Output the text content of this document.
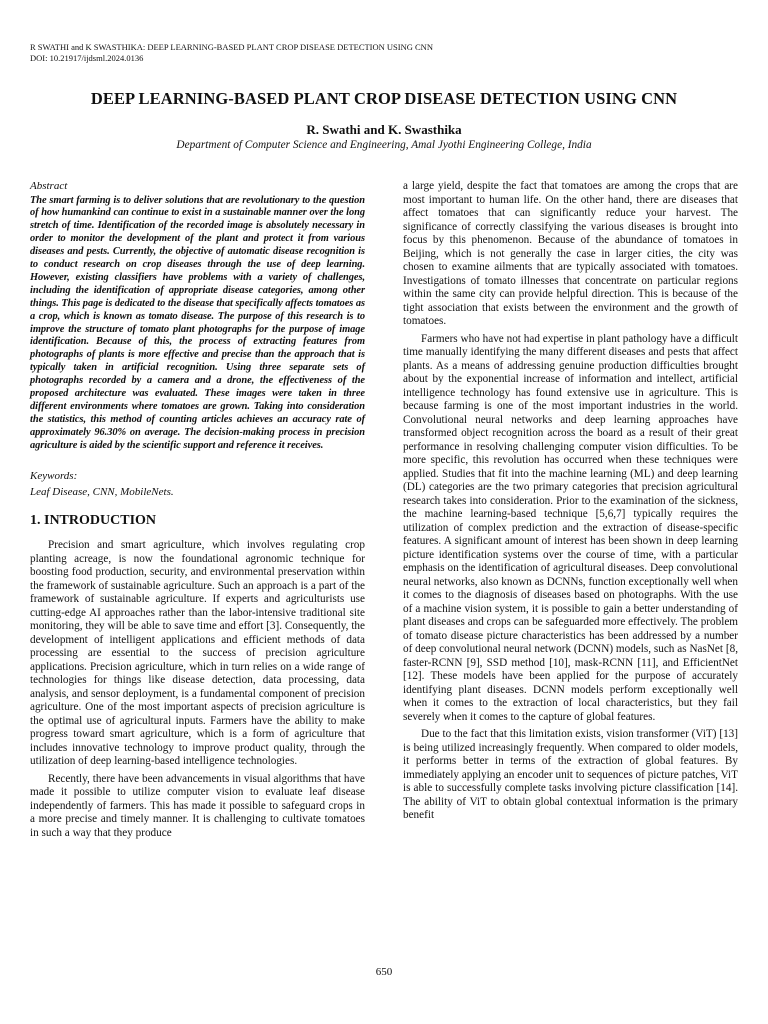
R SWATHI and K SWASTHIKA: DEEP LEARNING-BASED PLANT CROP DISEASE DETECTION USING CNN
DOI: 10.21917/ijdsml.2024.0136
DEEP LEARNING-BASED PLANT CROP DISEASE DETECTION USING CNN
R. Swathi and K. Swasthika
Department of Computer Science and Engineering, Amal Jyothi Engineering College, India

Abstract

The smart farming is to deliver solutions that are revolutionary to the question of how humankind can continue to exist in a sustainable manner over the long stretch of time. Identification of the recorded image is absolutely necessary in order to monitor the development of the plant and protect it from various diseases and pests. Currently, the objective of automatic disease recognition is to conduct research on crop diseases through the use of deep learning. However, existing classifiers have problems with a variety of challenges, including the identification of appropriate disease categories, among other things. This page is dedicated to the disease that specifically affects tomatoes as a crop, which is known as tomato disease. The purpose of this research is to improve the structure of tomato plant photographs for the purpose of image identification. Because of this, the process of extracting features from photographs of plants is more effective and precise than the approach that is typically taken in artificial recognition. Using three separate sets of photographs recorded by a camera and a drone, the effectiveness of the proposed architecture was evaluated. These images were taken in three different environments where tomatoes are grown. Taking into consideration the statistics, this method of counting articles achieves an accuracy rate of approximately 96.30% on average. The decision-making process in precision agriculture is aided by the scientific support and reference it receives.

Keywords:

Leaf Disease, CNN, MobileNets.

1. INTRODUCTION

Precision and smart agriculture, which involves regulating crop planting acreage, is now the foundational agronomic technique for boosting food production, security, and environmental preservation within the framework of sustainable agriculture. Such an approach is a part of the framework of sustainable agriculture. If experts and agriculturists use cutting-edge AI approaches rather than the labor-intensive traditional site monitoring, they will be able to save time and effort [3]. Consequently, the development of intelligent applications and efficient methods of data processing are essential to the success of precision agriculture applications. Precision agriculture, which in turn relies on a wide range of technologies for things like disease detection, data processing, data analysis, and sensor deployment, is a fundamental component of precision agriculture. One of the most important aspects of precision agriculture is the optimal use of agricultural inputs. Farmers have the ability to make progress toward smart agriculture, which is a form of agriculture that includes innovative technology to improve product quality, through the utilization of deep learning-based intelligence technologies.

Recently, there have been advancements in visual algorithms that have made it possible to utilize computer vision to evaluate leaf disease independently of farmers. This has made it possible to safeguard crops in a more precise and timely manner. It is challenging to cultivate tomatoes in such a way that they produce

a large yield, despite the fact that tomatoes are among the crops that are most important to human life. On the other hand, there are diseases that affect tomatoes that can significantly reduce your harvest. The significance of correctly classifying the various diseases is brought into focus by this phenomenon. Because of the abundance of tomatoes in Beijing, which is not generally the case in larger cities, the city was chosen to examine ailments that are typically associated with tomatoes. Investigations of tomato illnesses that concentrate on particular regions within the same city can provide helpful direction. This is because of the tight association that exists between the environment and the growth of tomatoes.

Farmers who have not had expertise in plant pathology have a difficult time manually identifying the many different diseases and pests that affect plants. As a means of addressing genuine production difficulties brought about by the exponential increase of information and intellect, artificial intelligence technology has found extensive use in agriculture. This is because farming is one of the most important industries in the world. Convolutional neural networks and deep learning approaches have transformed object recognition across the board as a result of their great performance in resolving challenging computer vision difficulties. To be more specific, this revolution has occurred when these techniques were applied. Studies that fit into the machine learning (ML) and deep learning (DL) categories are the two primary categories that precision agricultural research takes into consideration. Prior to the examination of the sickness, the machine learning-based technique [5,6,7] typically requires the utilization of complex prediction and the extraction of disease-specific features. A significant amount of interest has been shown in deep learning picture identification systems over the course of time, with a particular emphasis on the identification of agricultural diseases. Deep convolutional neural networks, also known as DCNNs, function exceptionally well when it comes to the diagnosis of diseases based on photographs. With the use of a machine vision system, it is possible to gain a better understanding of plant diseases and crops can be safeguarded more effectively. The problem of tomato disease picture characteristics has been addressed by a number of deep convolutional neural network (DCNN) models, such as NasNet [8, faster-RCNN [9], SSD method [10], mask-RCNN [11], and EfficientNet [12]. These models have been applied for the purpose of accurately identifying plant diseases. DCNN models perform exceptionally well when it comes to the extraction of local characteristics, but they fail severely when it comes to the capture of global features.

Due to the fact that this limitation exists, vision transformer (ViT) [13] is being utilized increasingly frequently. When compared to older models, it performs better in terms of the extraction of global features. By immediately applying an encoder unit to sequences of picture patches, ViT is able to successfully complete tasks involving picture classification [14]. The ability of ViT to obtain global contextual information is the primary benefit

650
